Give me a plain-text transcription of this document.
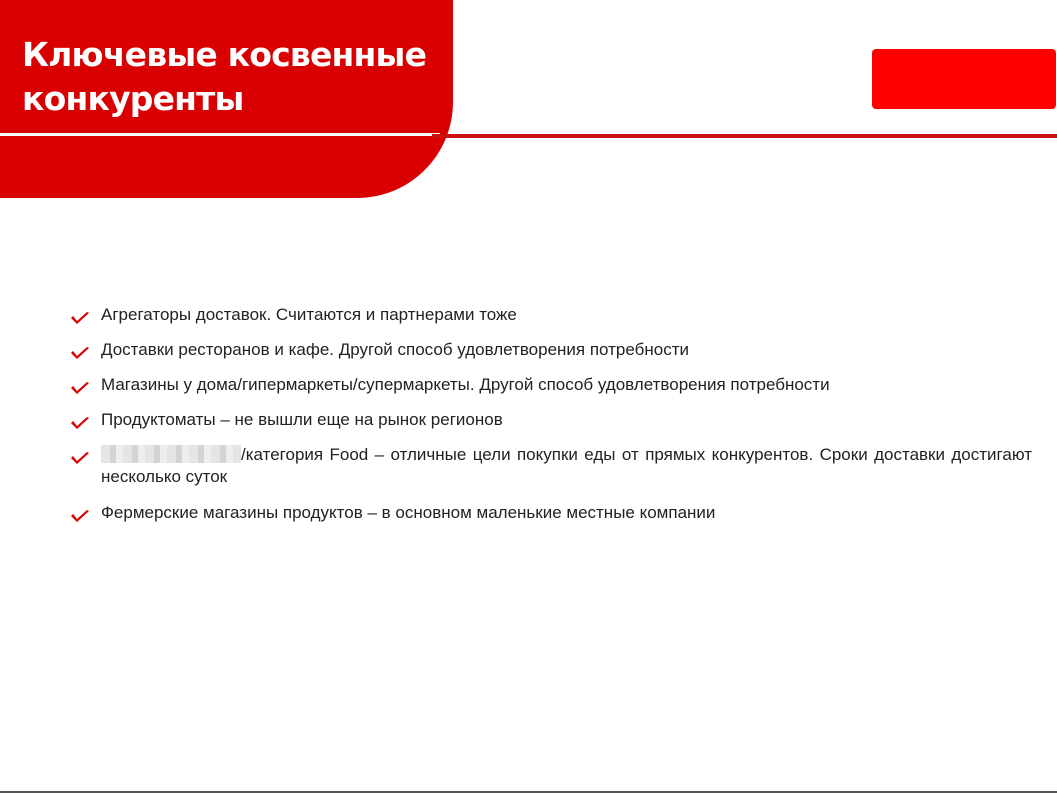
Ключевые косвенные конкуренты
Агрегаторы доставок. Считаются и партнерами тоже
Доставки ресторанов и кафе. Другой способ удовлетворения потребности
Магазины у дома/гипермаркеты/супермаркеты. Другой способ удовлетворения потребности
Продуктоматы – не вышли еще на рынок регионов
/категория Food – отличные цели покупки еды от прямых конкурентов. Сроки доставки достигают несколько суток
Фермерские магазины продуктов – в основном маленькие местные компании
